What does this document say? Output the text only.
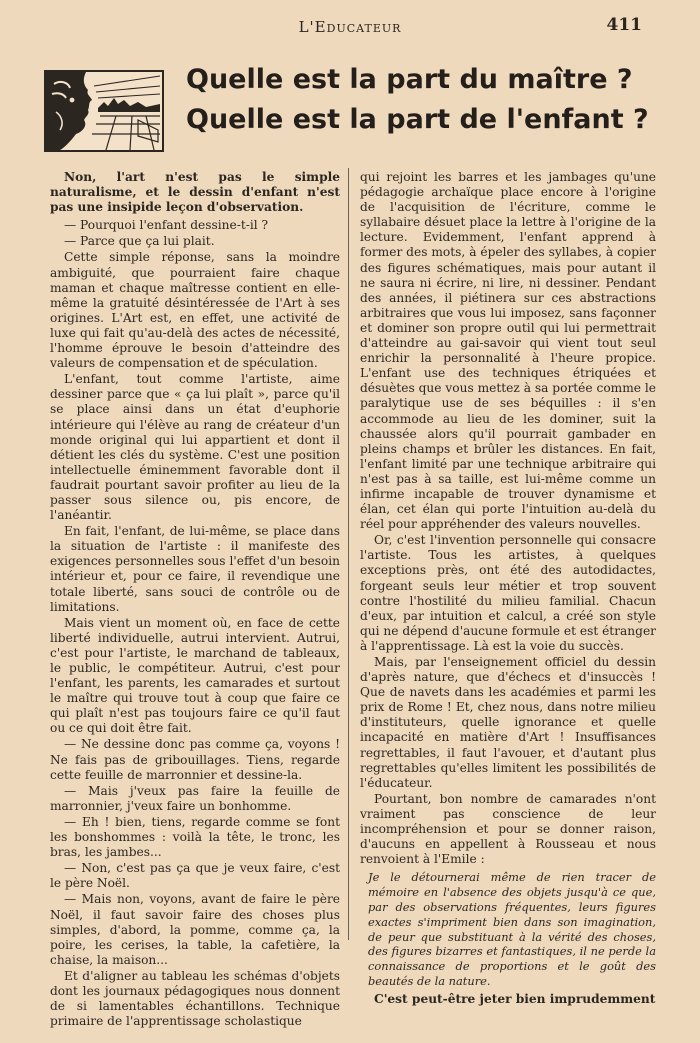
L'Educateur	411
Quelle est la part du maître ?
Quelle est la part de l'enfant ?

Non, l'art n'est pas le simple naturalisme, et le dessin d'enfant n'est pas une insipide leçon d'observation.

— Pourquoi l'enfant dessine-t-il ?

— Parce que ça lui plait.

Cette simple réponse, sans la moindre ambiguité, que pourraient faire chaque maman et chaque maîtresse contient en elle-même la gratuité désintéressée de l'Art à ses origines. L'Art est, en effet, une activité de luxe qui fait qu'au-delà des actes de nécessité, l'homme éprouve le besoin d'atteindre des valeurs de compensation et de spéculation.

L'enfant, tout comme l'artiste, aime dessiner parce que « ça lui plaît », parce qu'il se place ainsi dans un état d'euphorie intérieure qui l'élève au rang de créateur d'un monde original qui lui appartient et dont il détient les clés du système. C'est une position intellectuelle éminemment favorable dont il faudrait pourtant savoir profiter au lieu de la passer sous silence ou, pis encore, de l'anéantir.

En fait, l'enfant, de lui-même, se place dans la situation de l'artiste : il manifeste des exigences personnelles sous l'effet d'un besoin intérieur et, pour ce faire, il revendique une totale liberté, sans souci de contrôle ou de limitations.

Mais vient un moment où, en face de cette liberté individuelle, autrui intervient. Autrui, c'est pour l'artiste, le marchand de tableaux, le public, le compétiteur. Autrui, c'est pour l'enfant, les parents, les camarades et surtout le maître qui trouve tout à coup que faire ce qui plaît n'est pas toujours faire ce qu'il faut ou ce qui doit être fait.

— Ne dessine donc pas comme ça, voyons ! Ne fais pas de gribouillages. Tiens, regarde cette feuille de marronnier et dessine-la.

— Mais j'veux pas faire la feuille de marronnier, j'veux faire un bonhomme.

— Eh ! bien, tiens, regarde comme se font les bonshommes : voilà la tête, le tronc, les bras, les jambes...

— Non, c'est pas ça que je veux faire, c'est le père Noël.

— Mais non, voyons, avant de faire le père Noël, il faut savoir faire des choses plus simples, d'abord, la pomme, comme ça, la poire, les cerises, la table, la cafetière, la chaise, la maison...

Et d'aligner au tableau les schémas d'objets dont les journaux pédagogiques nous donnent de si lamentables échantillons. Technique primaire de l'apprentissage scholastique

qui rejoint les barres et les jambages qu'une pédagogie archaïque place encore à l'origine de l'acquisition de l'écriture, comme le syllabaire désuet place la lettre à l'origine de la lecture. Evidemment, l'enfant apprend à former des mots, à épeler des syllabes, à copier des figures schématiques, mais pour autant il ne saura ni écrire, ni lire, ni dessiner. Pendant des années, il piétinera sur ces abstractions arbitraires que vous lui imposez, sans façonner et dominer son propre outil qui lui permettrait d'atteindre au gai-savoir qui vient tout seul enrichir la personnalité à l'heure propice. L'enfant use des techniques étriquées et désuètes que vous mettez à sa portée comme le paralytique use de ses béquilles : il s'en accommode au lieu de les dominer, suit la chaussée alors qu'il pourrait gambader en pleins champs et brûler les distances. En fait, l'enfant limité par une technique arbitraire qui n'est pas à sa taille, est lui-même comme un infirme incapable de trouver dynamisme et élan, cet élan qui porte l'intuition au-delà du réel pour appréhender des valeurs nouvelles.

Or, c'est l'invention personnelle qui consacre l'artiste. Tous les artistes, à quelques exceptions près, ont été des autodidactes, forgeant seuls leur métier et trop souvent contre l'hostilité du milieu familial. Chacun d'eux, par intuition et calcul, a créé son style qui ne dépend d'aucune formule et est étranger à l'apprentissage. Là est la voie du succès.

Mais, par l'enseignement officiel du dessin d'après nature, que d'échecs et d'insuccès ! Que de navets dans les académies et parmi les prix de Rome ! Et, chez nous, dans notre milieu d'instituteurs, quelle ignorance et quelle incapacité en matière d'Art ! Insuffisances regrettables, il faut l'avouer, et d'autant plus regrettables qu'elles limitent les possibilités de l'éducateur.

Pourtant, bon nombre de camarades n'ont vraiment pas conscience de leur incompréhension et pour se donner raison, d'aucuns en appellent à Rousseau et nous renvoient à l'Emile :

Je le détournerai même de rien tracer de mémoire en l'absence des objets jusqu'à ce que, par des observations fréquentes, leurs figures exactes s'impriment bien dans son imagination, de peur que substituant à la vérité des choses, des figures bizarres et fantastiques, il ne perde la connaissance de proportions et le goût des beautés de la nature.

C'est peut-être jeter bien imprudemment
